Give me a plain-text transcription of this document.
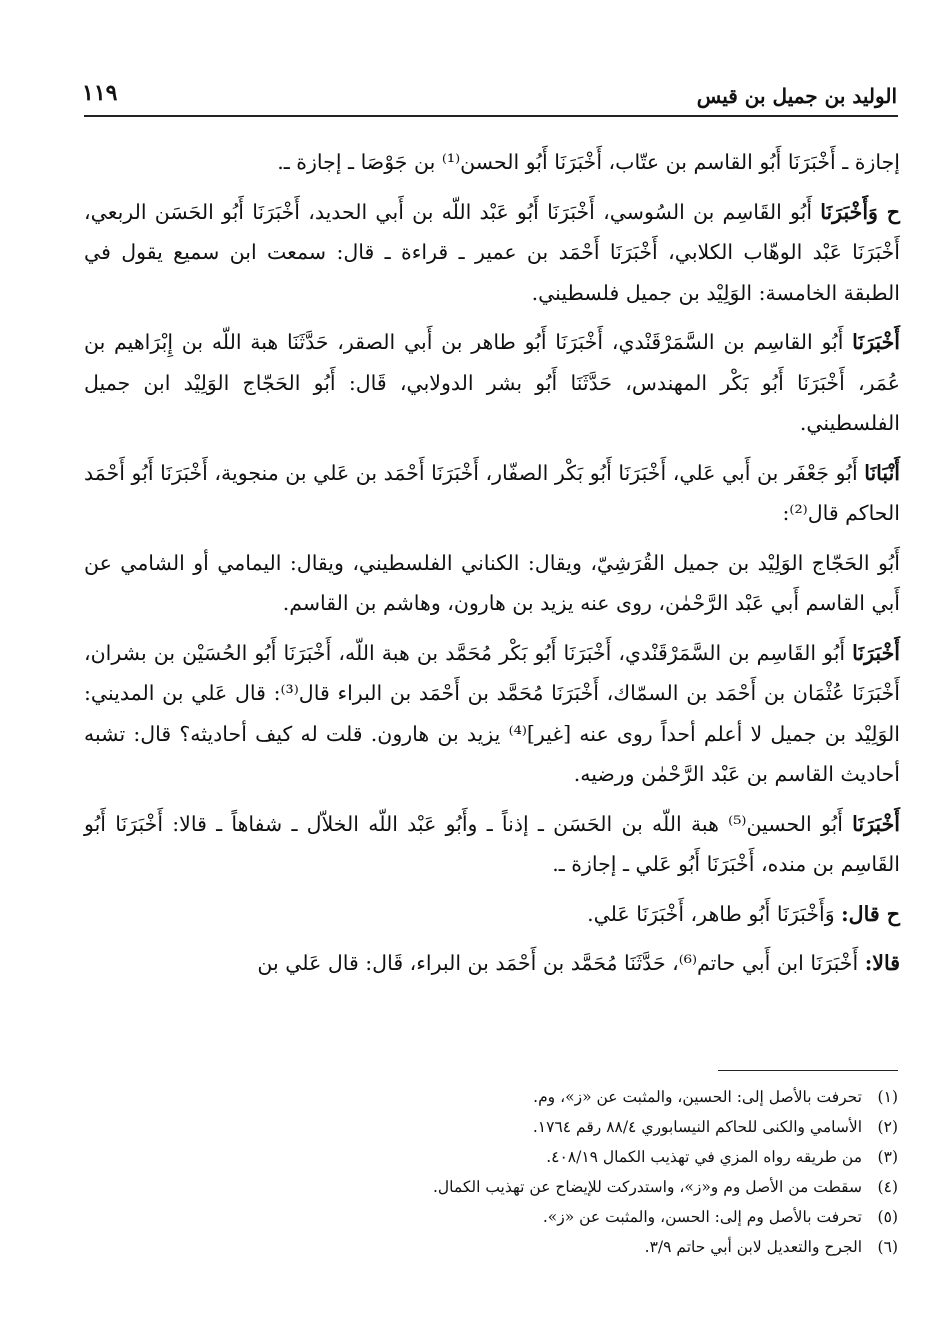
الوليد بن جميل بن قيس
١١٩

إجازة ـ أَخْبَرَنَا أَبُو القاسم بن عتّاب، أَخْبَرَنَا أَبُو الحسن⁽¹⁾ بن جَوْصَا ـ إجازة ـ.

ح وَأَخْبَرَنَا أَبُو القَاسِم بن السُوسي، أَخْبَرَنَا أَبُو عَبْد اللّه بن أَبي الحديد، أَخْبَرَنَا أَبُو الحَسَن الربعي، أَخْبَرَنَا عَبْد الوهّاب الكلابي، أَخْبَرَنَا أَحْمَد بن عمير ـ قراءة ـ قال: سمعت ابن سميع يقول في الطبقة الخامسة: الوَلِيْد بن جميل فلسطيني.

أَخْبَرَنَا أَبُو القاسِم بن السَّمَرْقَنْدي، أَخْبَرَنَا أَبُو طاهر بن أَبي الصقر، حَدَّثَنَا هبة اللّه بن إِبْرَاهيم بن عُمَر، أَخْبَرَنَا أَبُو بَكْر المهندس، حَدَّثَنَا أَبُو بشر الدولابي، قَال: أَبُو الحَجّاج الوَلِيْد ابن جميل الفلسطيني.

أَنْبَانَا أَبُو جَعْفَر بن أَبي عَلي، أَخْبَرَنَا أَبُو بَكْر الصفّار، أَخْبَرَنَا أَحْمَد بن عَلي بن منجوية، أَخْبَرَنَا أَبُو أَحْمَد الحاكم قال⁽²⁾:

أَبُو الحَجّاج الوَلِيْد بن جميل القُرَشِيّ، ويقال: الكناني الفلسطيني، ويقال: اليمامي أو الشامي عن أَبي القاسم أَبي عَبْد الرَّحْمٰن، روى عنه يزيد بن هارون، وهاشم بن القاسم.

أَخْبَرَنَا أَبُو القَاسِم بن السَّمَرْقَنْدي، أَخْبَرَنَا أَبُو بَكْر مُحَمَّد بن هبة اللّه، أَخْبَرَنَا أَبُو الحُسَيْن بن بشران، أَخْبَرَنَا عُثْمَان بن أَحْمَد بن السمّاك، أَخْبَرَنَا مُحَمَّد بن أَحْمَد بن البراء قال⁽³⁾: قال عَلي بن المديني: الوَلِيْد بن جميل لا أعلم أحداً روى عنه [غير]⁽⁴⁾ يزيد بن هارون. قلت له كيف أحاديثه؟ قال: تشبه أحاديث القاسم بن عَبْد الرَّحْمٰن ورضيه.

أَخْبَرَنَا أَبُو الحسين⁽⁵⁾ هبة اللّه بن الحَسَن ـ إذناً ـ وأَبُو عَبْد اللّه الخلاّل ـ شفاهاً ـ قالا: أَخْبَرَنَا أَبُو القَاسِم بن منده، أَخْبَرَنَا أَبُو عَلي ـ إجازة ـ.

ح قال: وَأَخْبَرَنَا أَبُو طاهر، أَخْبَرَنَا عَلي.

قالا: أَخْبَرَنَا ابن أَبي حاتم⁽⁶⁾، حَدَّثَنَا مُحَمَّد بن أَحْمَد بن البراء، قَال: قال عَلي بن

(١)تحرفت بالأصل إلى: الحسين، والمثبت عن «ز»، وم.

(٢)الأسامي والكنى للحاكم النيسابوري ٨٨/٤ رقم ١٧٦٤.

(٣)من طريقه رواه المزي في تهذيب الكمال ٤٠٨/١٩.

(٤)سقطت من الأصل وم و«ز»، واستدركت للإيضاح عن تهذيب الكمال.

(٥)تحرفت بالأصل وم إلى: الحسن، والمثبت عن «ز».

(٦)الجرح والتعديل لابن أبي حاتم ٣/٩.
